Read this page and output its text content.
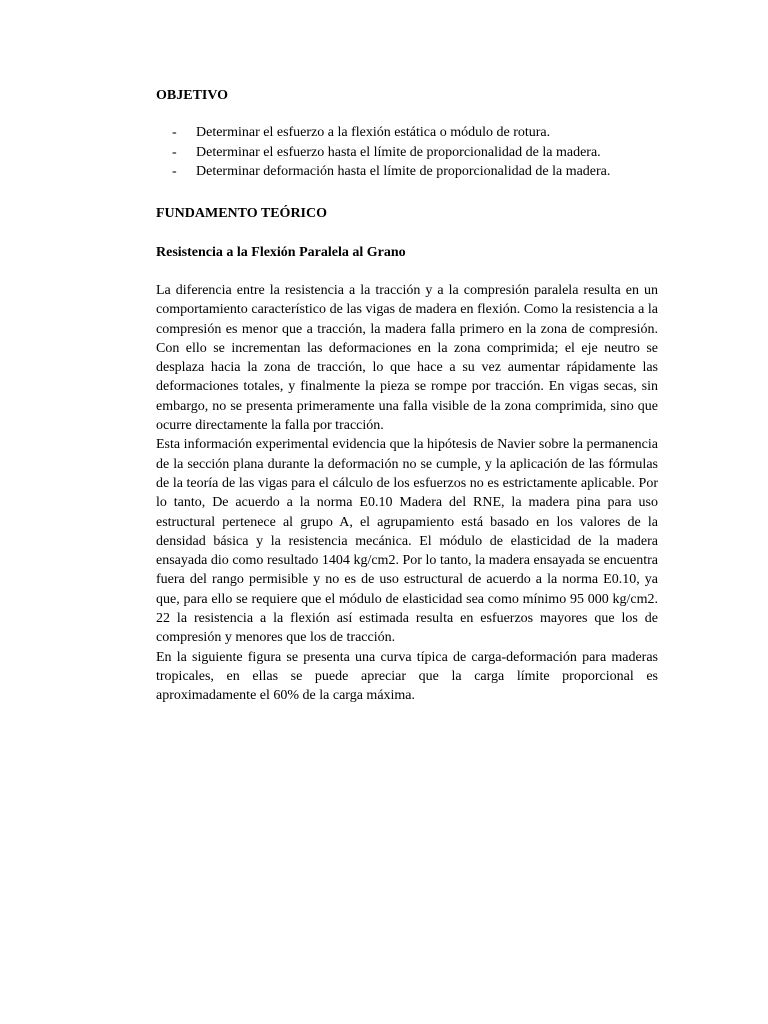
OBJETIVO
- Determinar el esfuerzo a la flexión estática o módulo de rotura.
- Determinar el esfuerzo hasta el límite de proporcionalidad de la madera.
- Determinar deformación hasta el límite de proporcionalidad de la madera.
FUNDAMENTO TEÓRICO
Resistencia a la Flexión Paralela al Grano

La diferencia entre la resistencia a la tracción y a la compresión paralela resulta en un comportamiento característico de las vigas de madera en flexión. Como la resistencia a la compresión es menor que a tracción, la madera falla primero en la zona de compresión. Con ello se incrementan las deformaciones en la zona comprimida; el eje neutro se desplaza hacia la zona de tracción, lo que hace a su vez aumentar rápidamente las deformaciones totales, y finalmente la pieza se rompe por tracción. En vigas secas, sin embargo, no se presenta primeramente una falla visible de la zona comprimida, sino que ocurre directamente la falla por tracción.

Esta información experimental evidencia que la hipótesis de Navier sobre la permanencia de la sección plana durante la deformación no se cumple, y la aplicación de las fórmulas de la teoría de las vigas para el cálculo de los esfuerzos no es estrictamente aplicable. Por lo tanto, De acuerdo a la norma E0.10 Madera del RNE, la madera pina para uso estructural pertenece al grupo A, el agrupamiento está basado en los valores de la densidad básica y la resistencia mecánica. El módulo de elasticidad de la madera ensayada dio como resultado 1404 kg/cm2. Por lo tanto, la madera ensayada se encuentra fuera del rango permisible y no es de uso estructural de acuerdo a la norma E0.10, ya que, para ello se requiere que el módulo de elasticidad sea como mínimo 95 000 kg/cm2. 22 la resistencia a la flexión así estimada resulta en esfuerzos mayores que los de compresión y menores que los de tracción.

En la siguiente figura se presenta una curva típica de carga-deformación para maderas tropicales, en ellas se puede apreciar que la carga límite proporcional es aproximadamente el 60% de la carga máxima.
